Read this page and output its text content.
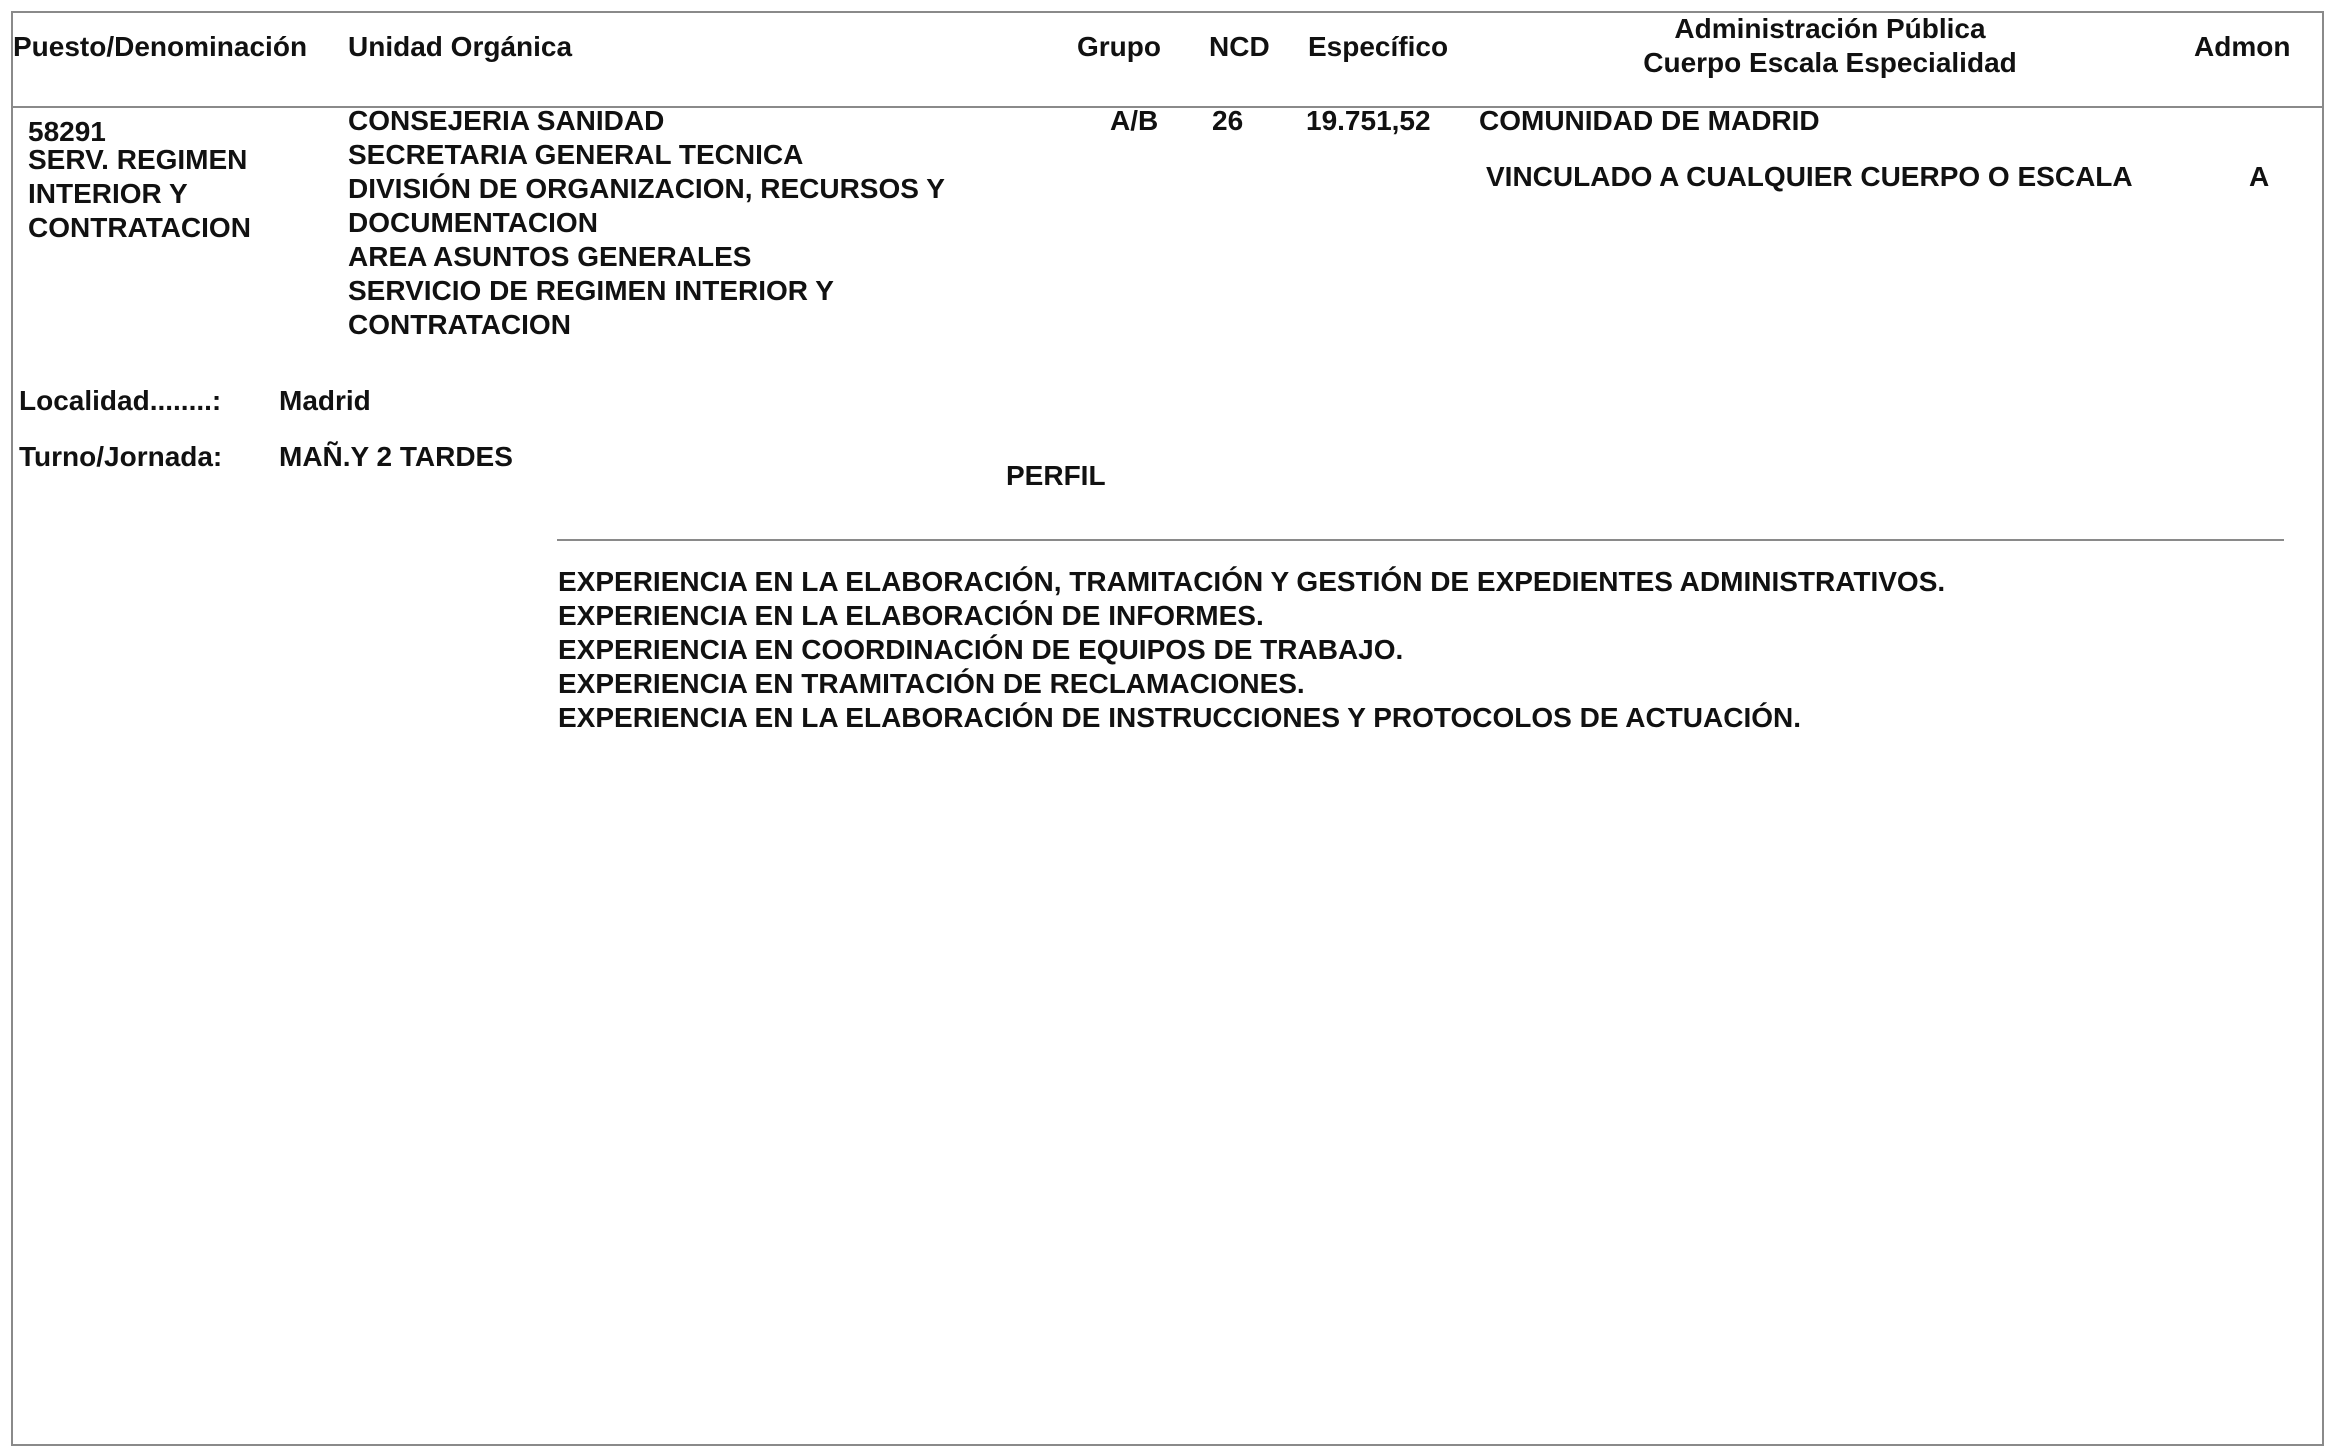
Puesto/Denominación Unidad Orgánica	Grupo NCD Específico
Administración Pública
Cuerpo Escala Especialidad
Admon
58291
SERV. REGIMEN
INTERIOR Y
CONTRATACION
CONSEJERIA SANIDAD
SECRETARIA GENERAL TECNICA
DIVISIÓN DE ORGANIZACION, RECURSOS Y
DOCUMENTACION
AREA ASUNTOS GENERALES
SERVICIO DE REGIMEN INTERIOR Y
CONTRATACION
A/B 26 19.751,52 COMUNIDAD DE MADRID
VINCULADO A CUALQUIER CUERPO O ESCALA	A
Localidad........: Madrid
Turno/Jornada: MAÑ.Y 2 TARDES
PERFIL
EXPERIENCIA EN LA ELABORACIÓN, TRAMITACIÓN Y GESTIÓN DE EXPEDIENTES ADMINISTRATIVOS.
EXPERIENCIA EN LA ELABORACIÓN DE INFORMES.
EXPERIENCIA EN COORDINACIÓN DE EQUIPOS DE TRABAJO.
EXPERIENCIA EN TRAMITACIÓN DE RECLAMACIONES.
EXPERIENCIA EN LA ELABORACIÓN DE INSTRUCCIONES Y PROTOCOLOS DE ACTUACIÓN.
